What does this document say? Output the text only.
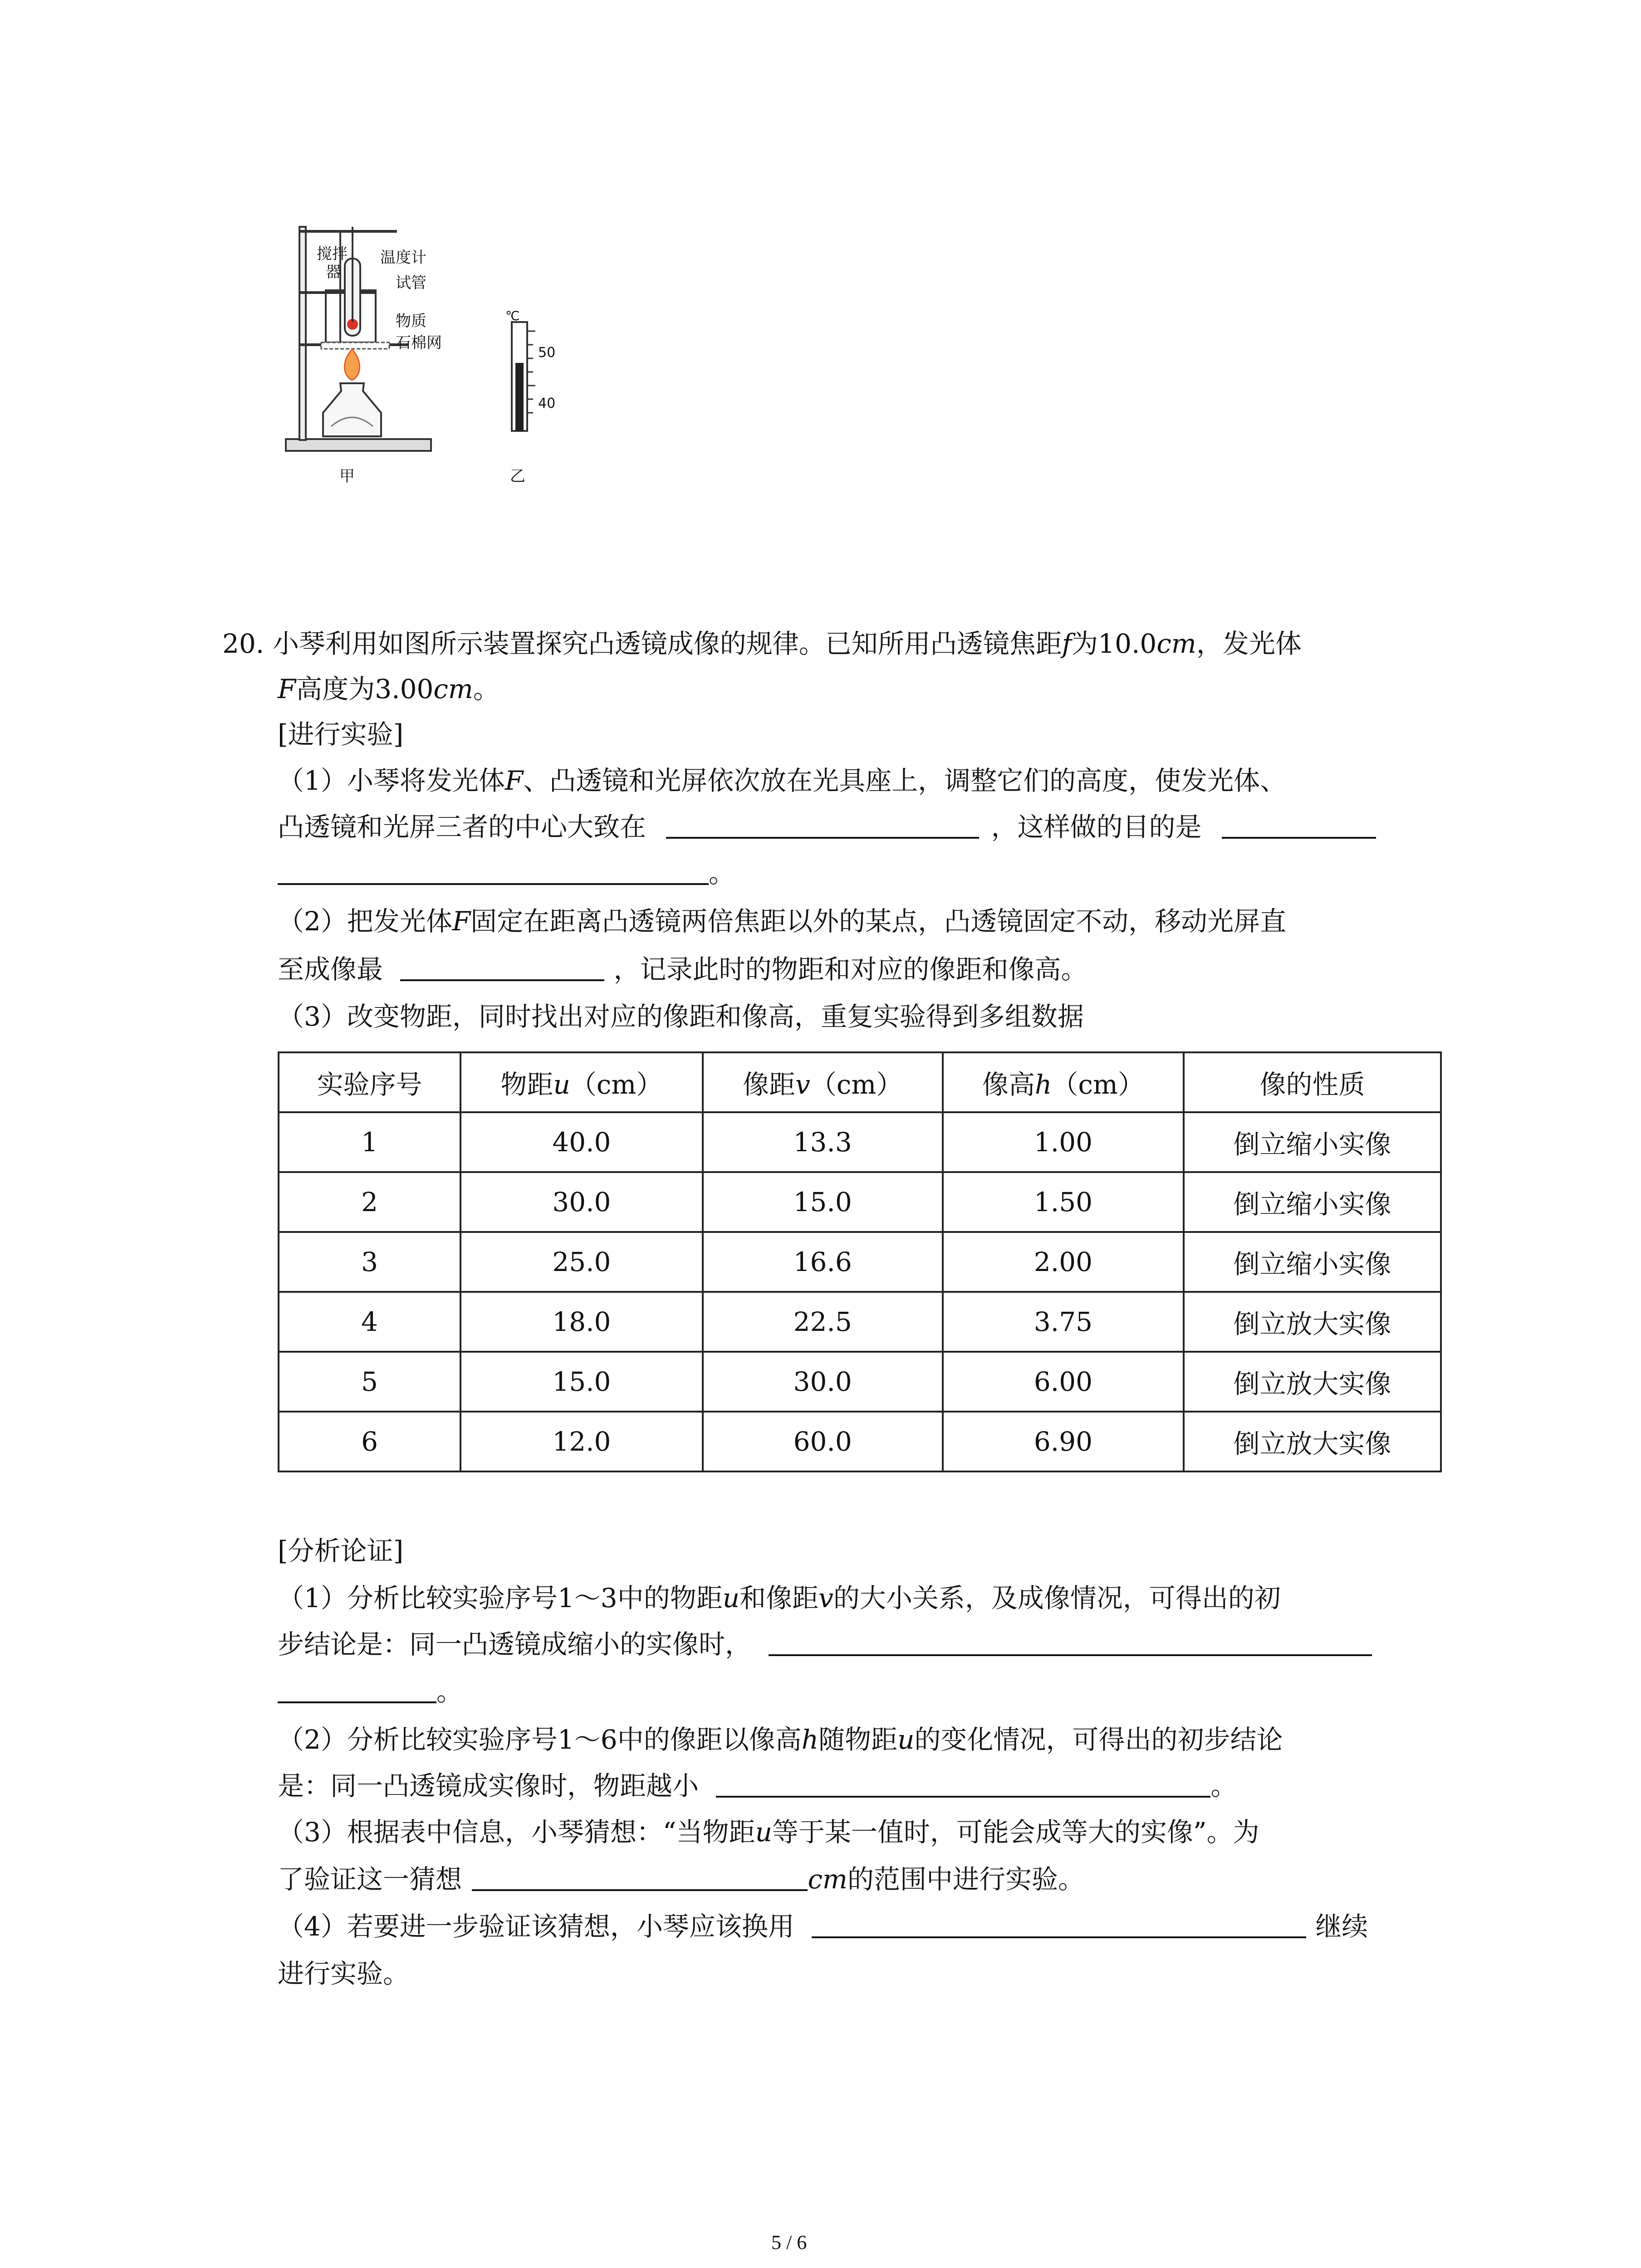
搅拌
器
温度计
试管
物质
石棉网
甲	乙
℃
50
40
20. 小琴利用如图所示装置探究凸透镜成像的规律。已知所用凸透镜焦距f为10.0cm，发光体
F高度为3.00cm。
[进行实验]
（1）小琴将发光体F、凸透镜和光屏依次放在光具座上，调整它们的高度，使发光体、
凸透镜和光屏三者的中心大致在	，这样做的目的是
。
（2）把发光体F固定在距离凸透镜两倍焦距以外的某点，凸透镜固定不动，移动光屏直
至成像最	，记录此时的物距和对应的像距和像高。
（3）改变物距，同时找出对应的像距和像高，重复实验得到多组数据
实验序号	物距u（cm）	像距v（cm）	像高h（cm）	像的性质
1	40.0	13.3	1.00	倒立缩小实像
2	30.0	15.0	1.50	倒立缩小实像
3	25.0	16.6	2.00	倒立缩小实像
4	18.0	22.5	3.75	倒立放大实像
5	15.0	30.0	6.00	倒立放大实像
6	12.0	60.0	6.90	倒立放大实像
[分析论证]
（1）分析比较实验序号1～3中的物距u和像距v的大小关系，及成像情况，可得出的初
步结论是：同一凸透镜成缩小的实像时，
。
（2）分析比较实验序号1～6中的像距以像高h随物距u的变化情况，可得出的初步结论
是：同一凸透镜成实像时，物距越小	。
（3）根据表中信息，小琴猜想：“当物距u等于某一值时，可能会成等大的实像”。为
了验证这一猜想	cm的范围中进行实验。
（4）若要进一步验证该猜想，小琴应该换用	继续
进行实验。
5 / 6
